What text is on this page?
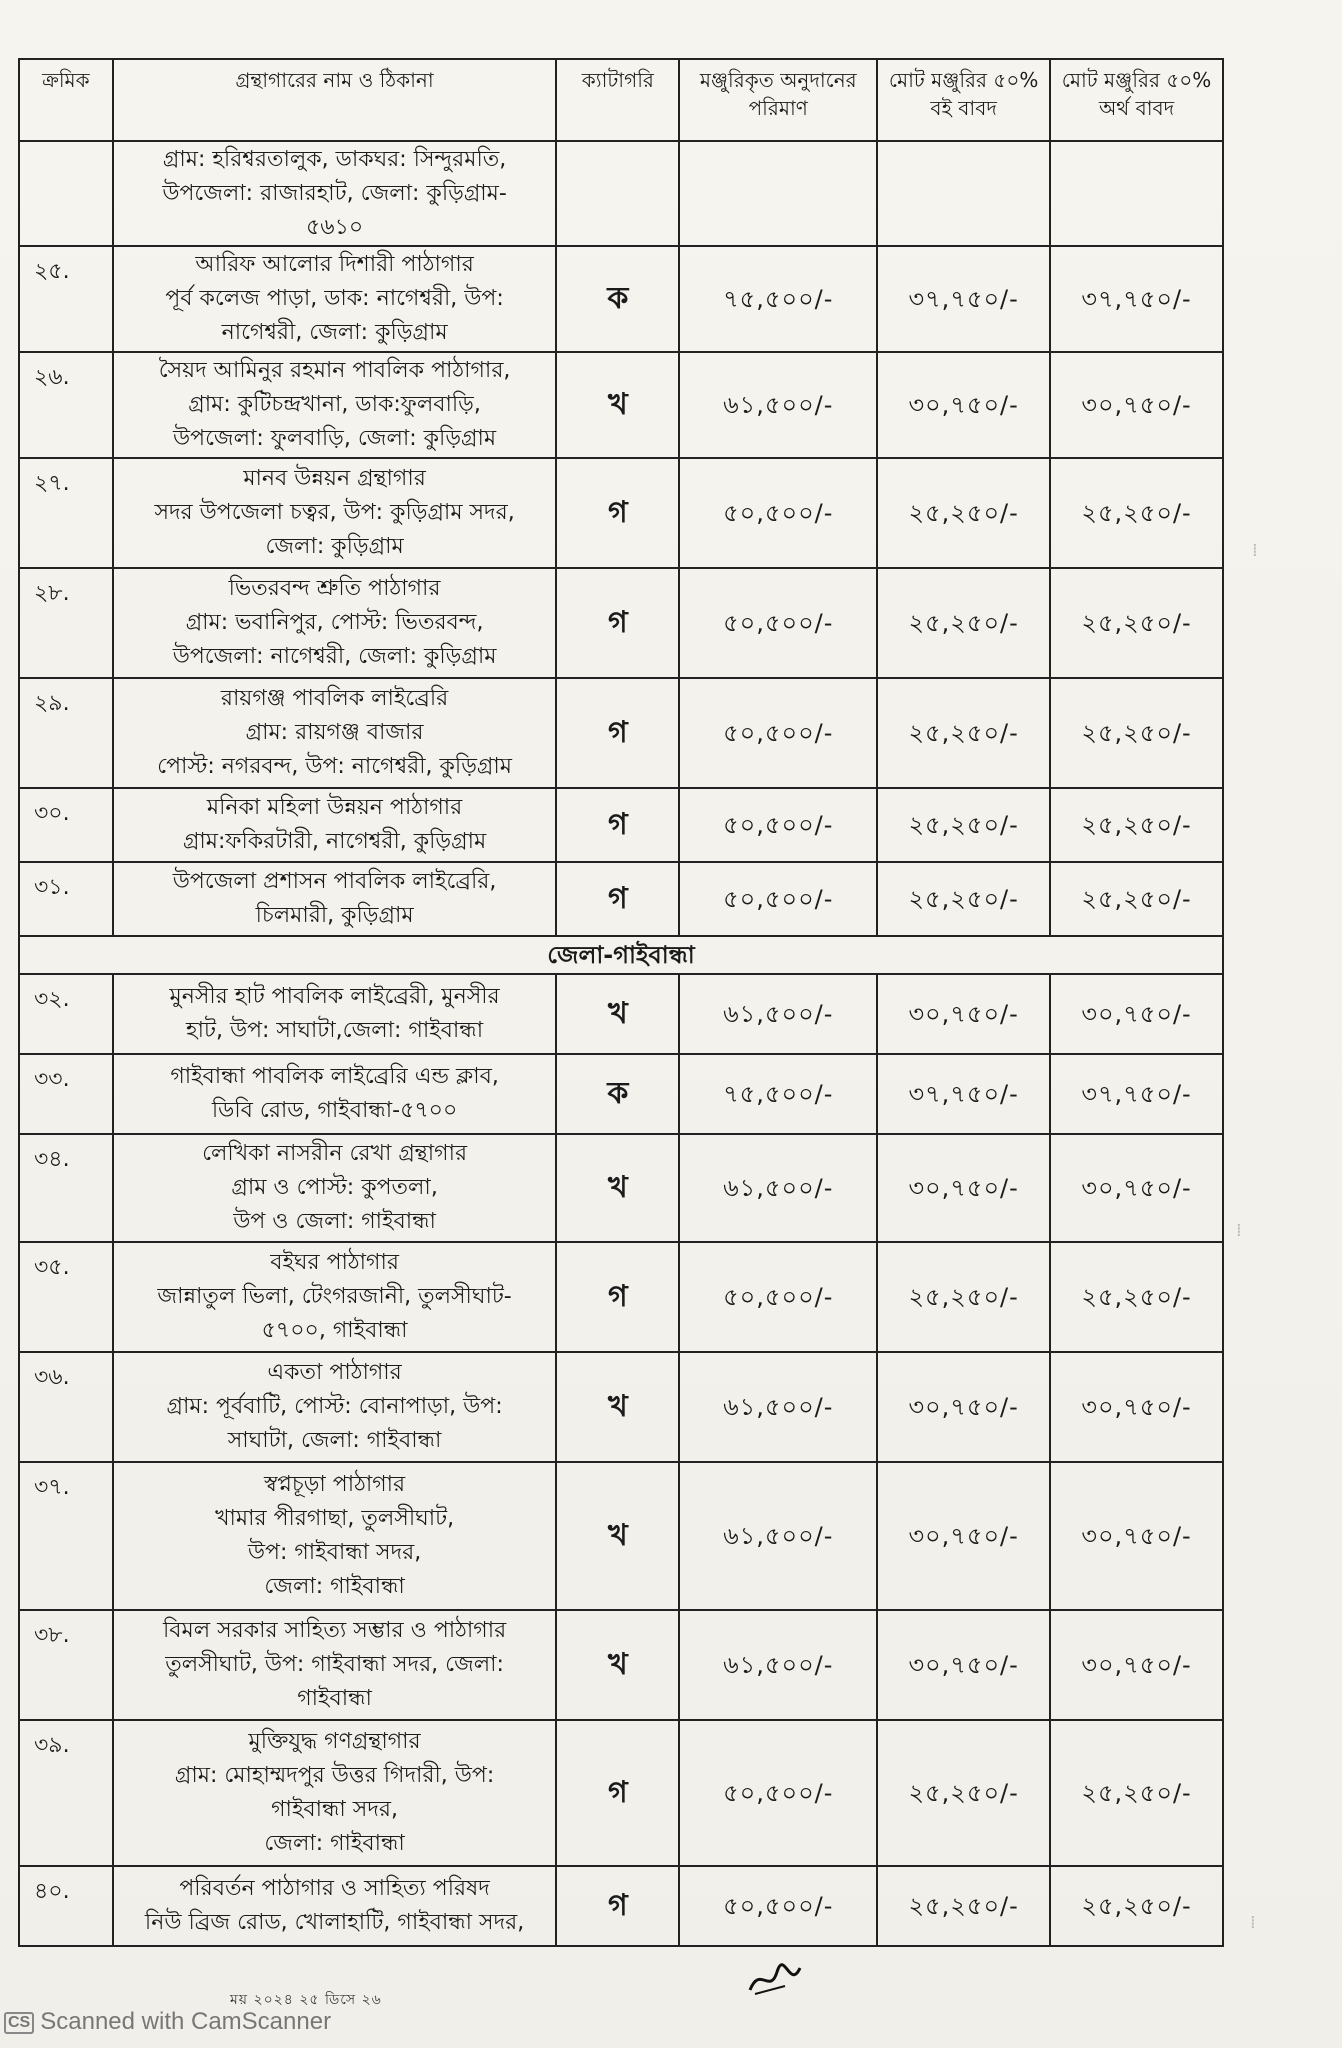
ক্রমিক	গ্রন্থাগারের নাম ও ঠিকানা	ক্যাটাগরি	মঞ্জুরিকৃত অনুদানের পরিমাণ	মোট মঞ্জুরির ৫০% বই বাবদ	মোট মঞ্জুরির ৫০% অর্থ বাবদ

	গ্রাম: হরিশ্বরতালুক, ডাকঘর: সিন্দুরমতি,
উপজেলা: রাজারহাট, জেলা: কুড়িগ্রাম-
৫৬১০				

২৫.	আরিফ আলোর দিশারী পাঠাগার
পূর্ব কলেজ পাড়া, ডাক: নাগেশ্বরী, উপ:
নাগেশ্বরী, জেলা: কুড়িগ্রাম	ক	৭৫,৫০০/-	৩৭,৭৫০/-	৩৭,৭৫০/-
২৬.	সৈয়দ আমিনুর রহমান পাবলিক পাঠাগার,
গ্রাম: কুটিচন্দ্রখানা, ডাক:ফুলবাড়ি,
উপজেলা: ফুলবাড়ি, জেলা: কুড়িগ্রাম	খ	৬১,৫০০/-	৩০,৭৫০/-	৩০,৭৫০/-
২৭.	মানব উন্নয়ন গ্রন্থাগার
সদর উপজেলা চত্বর, উপ: কুড়িগ্রাম সদর,
জেলা: কুড়িগ্রাম	গ	৫০,৫০০/-	২৫,২৫০/-	২৫,২৫০/-
২৮.	ভিতরবন্দ শ্রুতি পাঠাগার
গ্রাম: ভবানিপুর, পোস্ট: ভিতরবন্দ,
উপজেলা: নাগেশ্বরী, জেলা: কুড়িগ্রাম	গ	৫০,৫০০/-	২৫,২৫০/-	২৫,২৫০/-
২৯.	রায়গঞ্জ পাবলিক লাইব্রেরি
গ্রাম: রায়গঞ্জ বাজার
পোস্ট: নগরবন্দ, উপ: নাগেশ্বরী, কুড়িগ্রাম	গ	৫০,৫০০/-	২৫,২৫০/-	২৫,২৫০/-
৩০.	মনিকা মহিলা উন্নয়ন পাঠাগার
গ্রাম:ফকিরটারী, নাগেশ্বরী, কুড়িগ্রাম	গ	৫০,৫০০/-	২৫,২৫০/-	২৫,২৫০/-
৩১.	উপজেলা প্রশাসন পাবলিক লাইব্রেরি,
চিলমারী, কুড়িগ্রাম	গ	৫০,৫০০/-	২৫,২৫০/-	২৫,২৫০/-
জেলা-গাইবান্ধা					
৩২.	মুনসীর হাট পাবলিক লাইব্রেরী, মুনসীর
হাট, উপ: সাঘাটা,জেলা: গাইবান্ধা	খ	৬১,৫০০/-	৩০,৭৫০/-	৩০,৭৫০/-
৩৩.	গাইবান্ধা পাবলিক লাইব্রেরি এন্ড ক্লাব,
ডিবি রোড, গাইবান্ধা-৫৭০০	ক	৭৫,৫০০/-	৩৭,৭৫০/-	৩৭,৭৫০/-
৩৪.	লেখিকা নাসরীন রেখা গ্রন্থাগার
গ্রাম ও পোস্ট: কুপতলা,
উপ ও জেলা: গাইবান্ধা	খ	৬১,৫০০/-	৩০,৭৫০/-	৩০,৭৫০/-
৩৫.	বইঘর পাঠাগার
জান্নাতুল ভিলা, টেংগরজানী, তুলসীঘাট-
৫৭০০, গাইবান্ধা	গ	৫০,৫০০/-	২৫,২৫০/-	২৫,২৫০/-
৩৬.	একতা পাঠাগার
গ্রাম: পূর্ববাটি, পোস্ট: বোনাপাড়া, উপ:
সাঘাটা, জেলা: গাইবান্ধা	খ	৬১,৫০০/-	৩০,৭৫০/-	৩০,৭৫০/-
৩৭.	স্বপ্নচূড়া পাঠাগার
খামার পীরগাছা, তুলসীঘাট,
উপ: গাইবান্ধা সদর,
জেলা: গাইবান্ধা	খ	৬১,৫০০/-	৩০,৭৫০/-	৩০,৭৫০/-
৩৮.	বিমল সরকার সাহিত্য সম্ভার ও পাঠাগার
তুলসীঘাট, উপ: গাইবান্ধা সদর, জেলা:
গাইবান্ধা	খ	৬১,৫০০/-	৩০,৭৫০/-	৩০,৭৫০/-
৩৯.	মুক্তিযুদ্ধ গণগ্রন্থাগার
গ্রাম: মোহাম্মদপুর উত্তর গিদারী, উপ:
গাইবান্ধা সদর,
জেলা: গাইবান্ধা	গ	৫০,৫০০/-	২৫,২৫০/-	২৫,২৫০/-
৪০.	পরিবর্তন পাঠাগার ও সাহিত্য পরিষদ
নিউ ব্রিজ রোড, খোলাহাটি, গাইবান্ধা সদর,	গ	৫০,৫০০/-	২৫,২৫০/-	২৫,২৫০/-
⁞
⁞
⁞
ময় ২০২৪ ২৫ ডিসে ২৬
CS Scanned with CamScanner
